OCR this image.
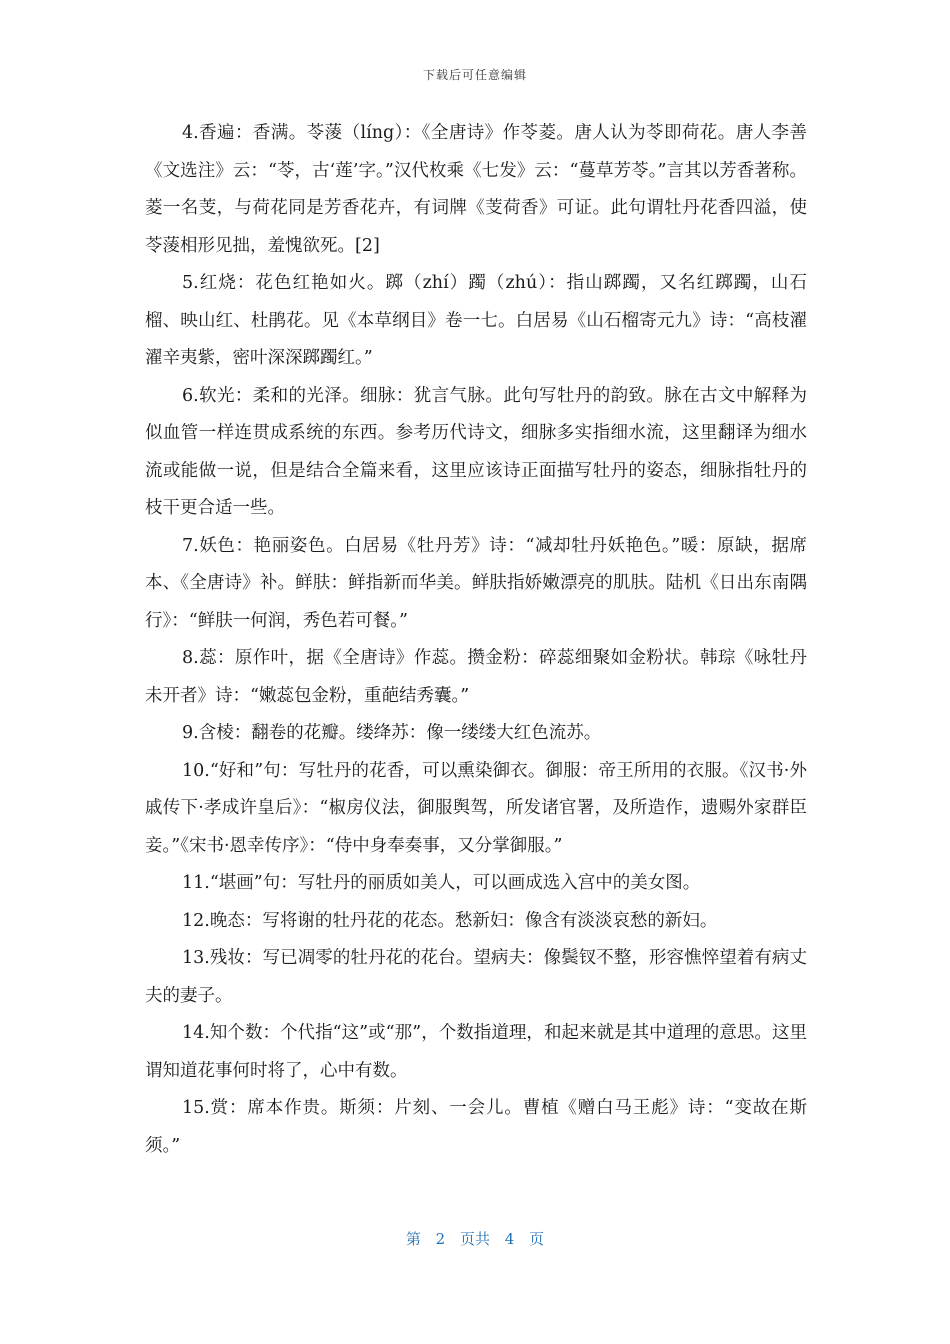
下载后可任意编辑

4.香遍：香满。苓蔆（líng）：《全唐诗》作苓菱。唐人认为苓即荷花。唐人李善《文选注》云：“苓，古‘莲’字。”汉代枚乘《七发》云：“蔓草芳苓。”言其以芳香著称。菱一名芰，与荷花同是芳香花卉，有词牌《芰荷香》可证。此句谓牡丹花香四溢，使苓蔆相形见拙，羞愧欲死。[2]

5.红烧：花色红艳如火。踯（zhí）躅（zhú）：指山踯躅，又名红踯躅，山石榴、映山红、杜鹃花。见《本草纲目》卷一七。白居易《山石榴寄元九》诗：“高枝濯濯辛夷紫，密叶深深踯躅红。”

6.软光：柔和的光泽。细脉：犹言气脉。此句写牡丹的韵致。脉在古文中解释为似血管一样连贯成系统的东西。参考历代诗文，细脉多实指细水流，这里翻译为细水流或能做一说，但是结合全篇来看，这里应该诗正面描写牡丹的姿态，细脉指牡丹的枝干更合适一些。

7.妖色：艳丽姿色。白居易《牡丹芳》诗：“减却牡丹妖艳色。”暖：原缺，据席本、《全唐诗》补。鲜肤：鲜指新而华美。鲜肤指娇嫩漂亮的肌肤。陆机《日出东南隅行》：“鲜肤一何润，秀色若可餐。”

8.蕊：原作叶，据《全唐诗》作蕊。攒金粉：碎蕊细聚如金粉状。韩琮《咏牡丹未开者》诗：“嫩蕊包金粉，重葩结秀囊。”

9.含棱：翻卷的花瓣。缕绛苏：像一缕缕大红色流苏。

10.“好和”句：写牡丹的花香，可以熏染御衣。御服：帝王所用的衣服。《汉书·外戚传下·孝成许皇后》：“椒房仪法，御服舆驾，所发诸官署，及所造作，遗赐外家群臣妾。”《宋书·恩幸传序》：“侍中身奉奏事，又分掌御服。”

11.“堪画”句：写牡丹的丽质如美人，可以画成选入宫中的美女图。

12.晚态：写将谢的牡丹花的花态。愁新妇：像含有淡淡哀愁的新妇。

13.残妆：写已凋零的牡丹花的花台。望病夫：像鬓钗不整，形容憔悴望着有病丈夫的妻子。

14.知个数：个代指“这”或“那”，个数指道理，和起来就是其中道理的意思。这里谓知道花事何时将了，心中有数。

15.赏：席本作贵。斯须：片刻、一会儿。曹植《赠白马王彪》诗：“变故在斯须。”

第 2 页共 4 页
